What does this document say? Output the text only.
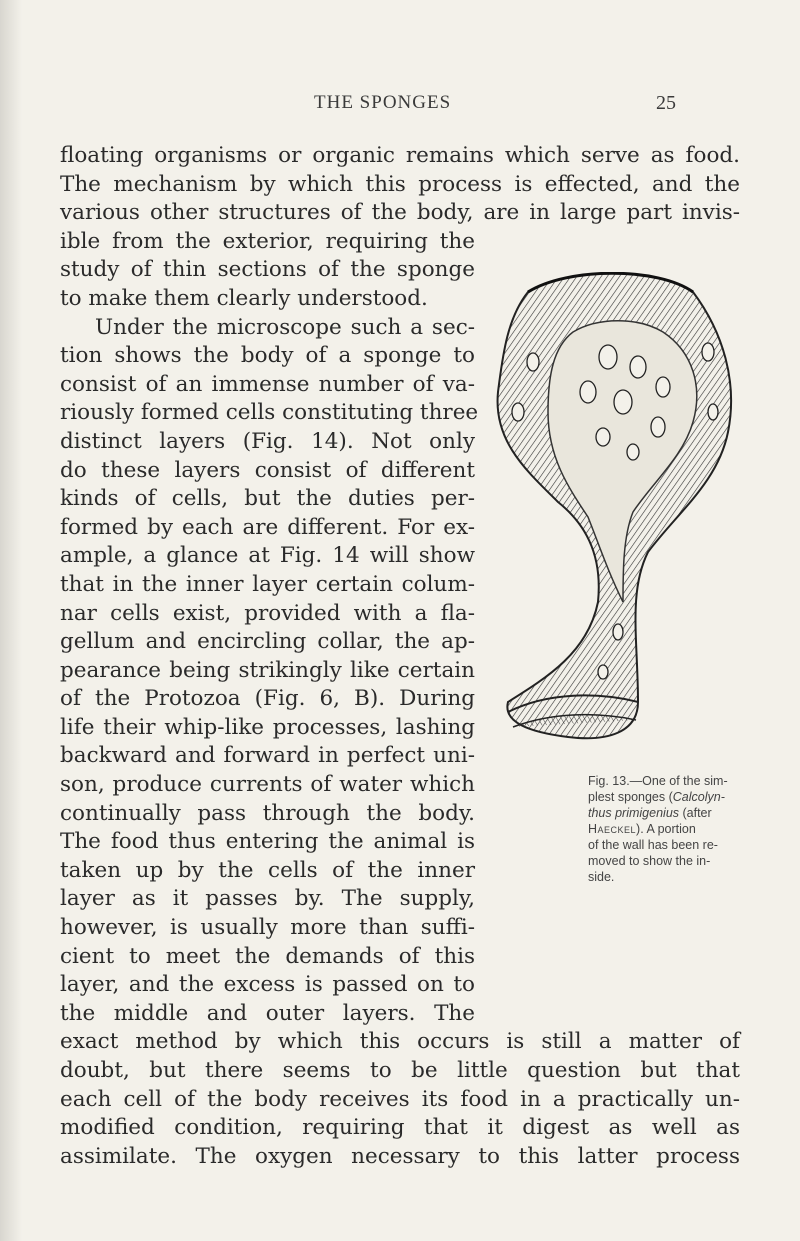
THE SPONGES	25
floating organisms or organic remains which serve as food.
The mechanism by which this process is effected, and the
various other structures of the body, are in large part invis-
ible from the exterior, requiring the
study of thin sections of the sponge
to make them clearly understood.
Under the microscope such a sec-
tion shows the body of a sponge to
consist of an immense number of va-
riously formed cells constituting three
distinct layers (Fig. 14). Not only
do these layers consist of different
kinds of cells, but the duties per-
formed by each are different. For ex-
ample, a glance at Fig. 14 will show
that in the inner layer certain colum-
nar cells exist, provided with a fla-
gellum and encircling collar, the ap-
pearance being strikingly like certain
of the Protozoa (Fig. 6, B). During
life their whip-like processes, lashing
backward and forward in perfect uni-
son, produce currents of water which
continually pass through the body.
The food thus entering the animal is
taken up by the cells of the inner
layer as it passes by. The supply,
however, is usually more than suffi-
cient to meet the demands of this
layer, and the excess is passed on to
the middle and outer layers. The
exact method by which this occurs is still a matter of
doubt, but there seems to be little question but that
each cell of the body receives its food in a practically un-
modified condition, requiring that it digest as well as
assimilate. The oxygen necessary to this latter process
Fig. 13.—One of the sim-
plest sponges (Calcolyn-
thus primigenius (after
Haeckel). A portion
of the wall has been re-
moved to show the in-
side.
